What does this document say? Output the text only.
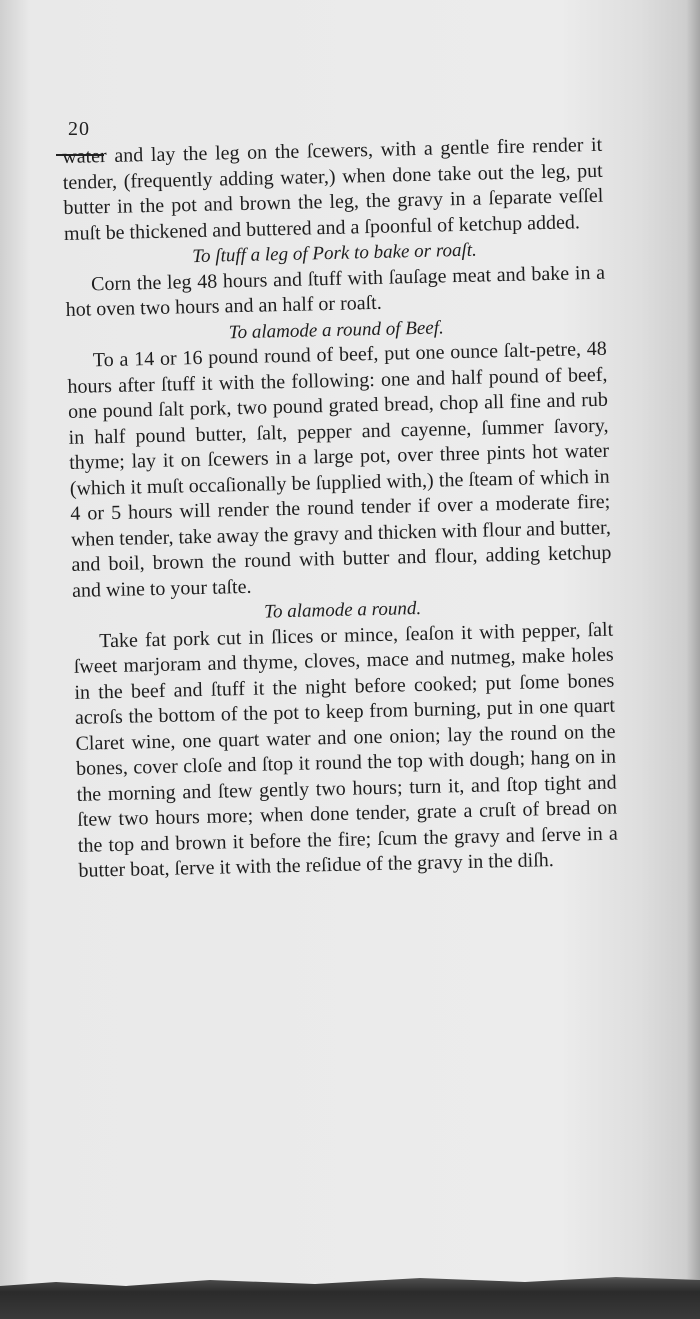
20

water and lay the leg on the ſcewers, with a gentle fire render it tender, (frequently adding water,) when done take out the leg, put butter in the pot and brown the leg, the gravy in a ſeparate veſſel muſt be thickened and buttered and a ſpoonful of ketchup added.

To ſtuff a leg of Pork to bake or roaſt.

Corn the leg 48 hours and ſtuff with ſauſage meat and bake in a hot oven two hours and an half or roaſt.

To alamode a round of Beef.

To a 14 or 16 pound round of beef, put one ounce ſalt-petre, 48 hours after ſtuff it with the following: one and half pound of beef, one pound ſalt pork, two pound grated bread, chop all fine and rub in half pound butter, ſalt, pepper and cayenne, ſummer ſavory, thyme; lay it on ſcewers in a large pot, over three pints hot water (which it muſt occaſionally be ſupplied with,) the ſteam of which in 4 or 5 hours will render the round tender if over a moderate fire; when tender, take away the gravy and thicken with flour and butter, and boil, brown the round with butter and flour, adding ketchup and wine to your taſte.

To alamode a round.

Take fat pork cut in ſlices or mince, ſeaſon it with pepper, ſalt ſweet marjoram and thyme, cloves, mace and nutmeg, make holes in the beef and ſtuff it the night before cooked; put ſome bones acroſs the bottom of the pot to keep from burning, put in one quart Claret wine, one quart water and one onion; lay the round on the bones, cover cloſe and ſtop it round the top with dough; hang on in the morning and ſtew gently two hours; turn it, and ſtop tight and ſtew two hours more; when done tender, grate a cruſt of bread on the top and brown it before the fire; ſcum the gravy and ſerve in a butter boat, ſerve it with the reſidue of the gravy in the diſh.
